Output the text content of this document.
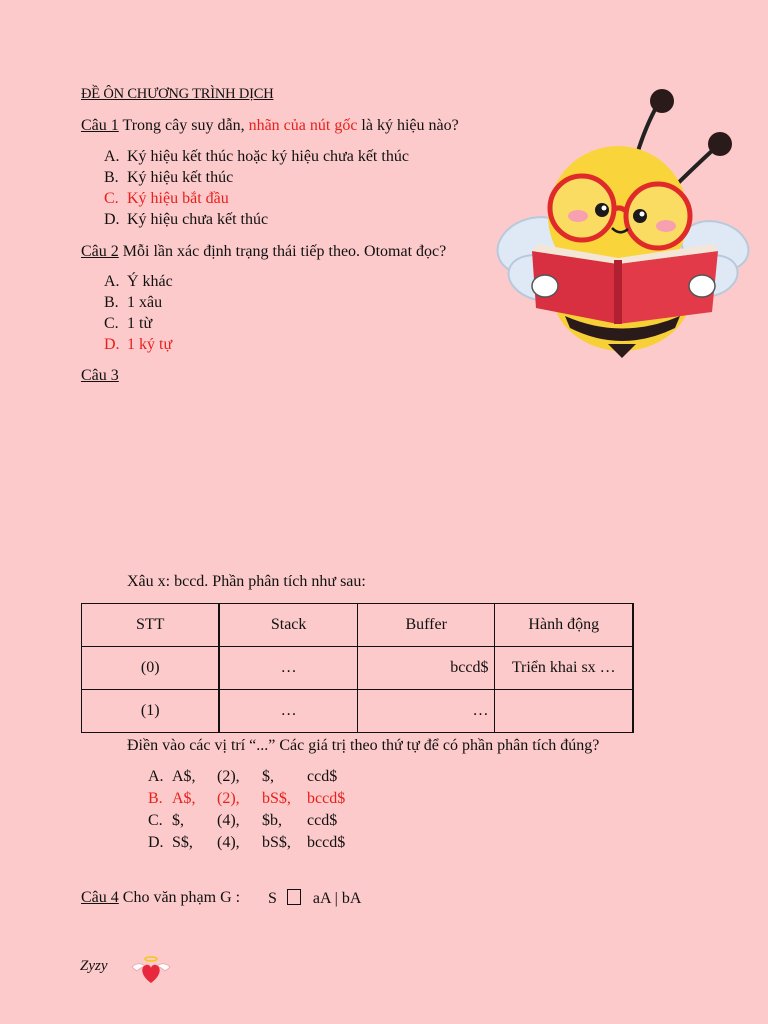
ĐỀ ÔN CHƯƠNG TRÌNH DỊCH
Câu 1 Trong cây suy dẫn, nhãn của nút gốc là ký hiệu nào?
A. Ký hiệu kết thúc hoặc ký hiệu chưa kết thúc
B. Ký hiệu kết thúc
C. Ký hiệu bắt đầu
D. Ký hiệu chưa kết thúc
Câu 2 Mỗi lần xác định trạng thái tiếp theo. Otomat đọc?
A. Ý khác
B. 1 xâu
C. 1 từ
D. 1 ký tự
Câu 3
Xâu x: bccd. Phần phân tích như sau:
STT	Stack	Buffer	Hành động
(0)	…	bccd$	Triển khai sx …
(1)	…	…	
Điền vào các vị trí “...” Các giá trị theo thứ tự để có phần phân tích đúng?
A. A$, (2), $, ccd$
B. A$, (2), bS$, bccd$
C. $, (4), $b, ccd$
D. S$, (4), bS$, bccd$
Câu 4 Cho văn phạm G : S aA | bA
Zyzy
